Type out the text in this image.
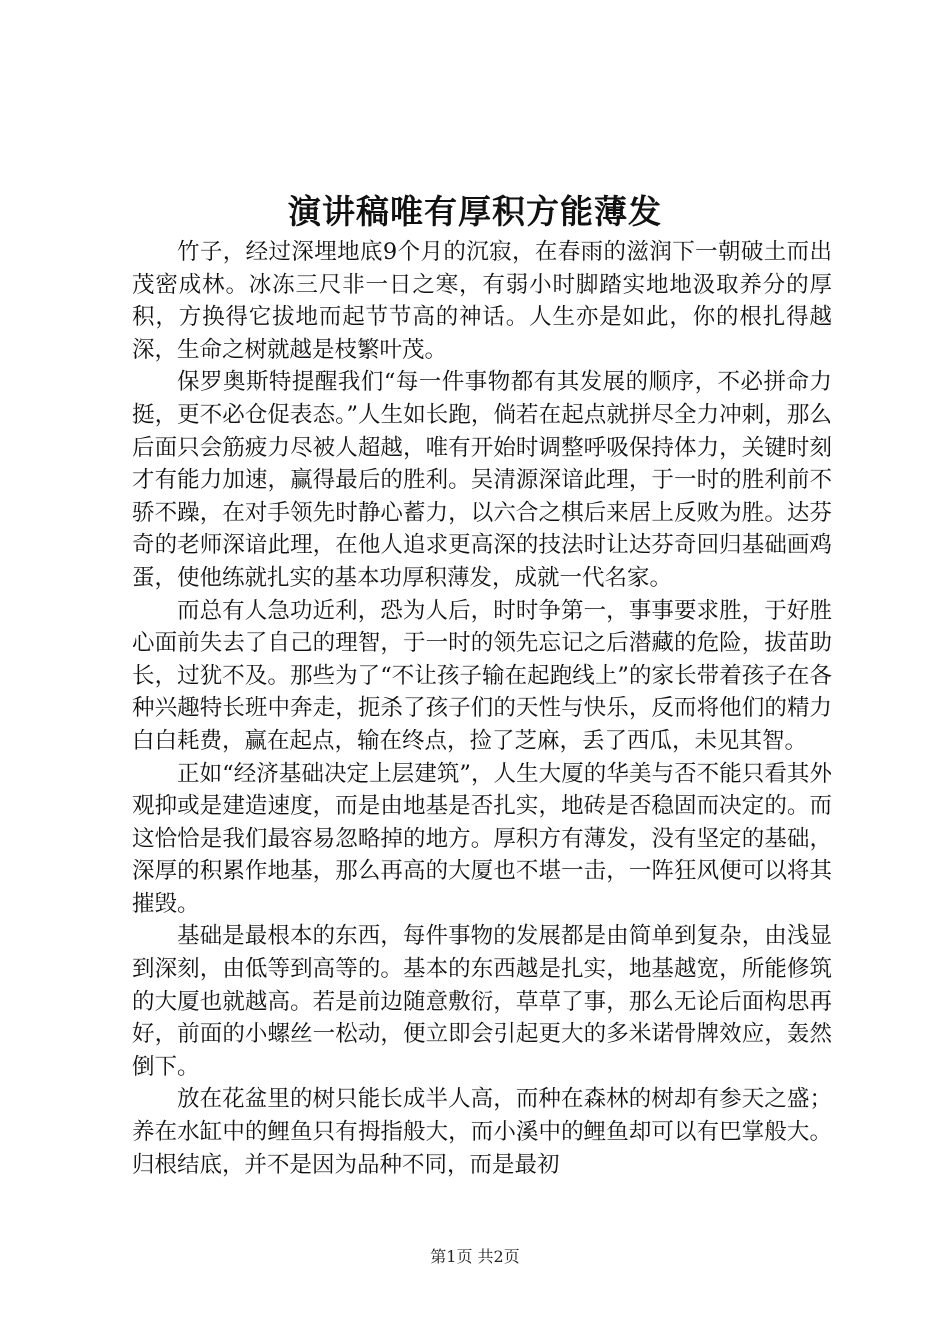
演讲稿唯有厚积方能薄发

竹子，经过深埋地底9个月的沉寂，在春雨的滋润下一朝破土而出茂密成林。冰冻三尺非一日之寒，有弱小时脚踏实地地汲取养分的厚积，方换得它拔地而起节节高的神话。人生亦是如此，你的根扎得越深，生命之树就越是枝繁叶茂。

保罗奥斯特提醒我们“每一件事物都有其发展的顺序，不必拼命力挺，更不必仓促表态。”人生如长跑，倘若在起点就拼尽全力冲刺，那么后面只会筋疲力尽被人超越，唯有开始时调整呼吸保持体力，关键时刻才有能力加速，赢得最后的胜利。吴清源深谙此理，于一时的胜利前不骄不躁，在对手领先时静心蓄力，以六合之棋后来居上反败为胜。达芬奇的老师深谙此理，在他人追求更高深的技法时让达芬奇回归基础画鸡蛋，使他练就扎实的基本功厚积薄发，成就一代名家。

而总有人急功近利，恐为人后，时时争第一，事事要求胜，于好胜心面前失去了自己的理智，于一时的领先忘记之后潜藏的危险，拔苗助长，过犹不及。那些为了“不让孩子输在起跑线上”的家长带着孩子在各种兴趣特长班中奔走，扼杀了孩子们的天性与快乐，反而将他们的精力白白耗费，赢在起点，输在终点，捡了芝麻，丢了西瓜，未见其智。

正如“经济基础决定上层建筑”，人生大厦的华美与否不能只看其外观抑或是建造速度，而是由地基是否扎实，地砖是否稳固而决定的。而这恰恰是我们最容易忽略掉的地方。厚积方有薄发，没有坚定的基础，深厚的积累作地基，那么再高的大厦也不堪一击，一阵狂风便可以将其摧毁。

基础是最根本的东西，每件事物的发展都是由简单到复杂，由浅显到深刻，由低等到高等的。基本的东西越是扎实，地基越宽，所能修筑的大厦也就越高。若是前边随意敷衍，草草了事，那么无论后面构思再好，前面的小螺丝一松动，便立即会引起更大的多米诺骨牌效应，轰然倒下。

放在花盆里的树只能长成半人高，而种在森林的树却有参天之盛；养在水缸中的鲤鱼只有拇指般大，而小溪中的鲤鱼却可以有巴掌般大。归根结底，并不是因为品种不同，而是最初

第1页 共2页
